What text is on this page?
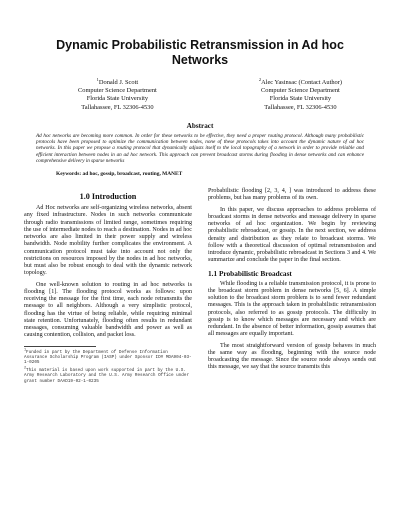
Dynamic Probabilistic Retransmission in Ad hoc Networks
$^1$Donald J. Scott
Computer Science Department
Florida State University
Tallahassee, FL 32306-4530
$^2$Alec Yasinsac (Contact Author)
Computer Science Department
Florida State University
Tallahassee, FL 32306-4530
Abstract
Ad hoc networks are becoming more common. In order for these networks to be effective, they need a proper routing protocol. Although many probabilistic protocols have been proposed to optimize the communication between nodes, none of these protocols takes into account the dynamic nature of ad hoc networks. In this paper we propose a routing protocol that dynamically adjusts itself to the local topography of a network in order to provide reliable and efficient interaction between nodes in an ad hoc network. This approach can prevent broadcast storms during flooding in dense networks and can enhance comprehensive delivery in sparse networks
Keywords: ad hoc, gossip, broadcast, routing, MANET
1.0 Introduction

Ad Hoc networks are self-organizing wireless networks, absent any fixed infrastructure. Nodes in such networks communicate through radio transmissions of limited range, sometimes requiring the use of intermediate nodes to reach a destination. Nodes in ad hoc networks are also limited in their power supply and wireless bandwidth. Node mobility further complicates the environment. A communication protocol must take into account not only the restrictions on resources imposed by the nodes in ad hoc networks, but must also be robust enough to deal with the dynamic network topology.

One well-known solution to routing in ad hoc networks is flooding [1]. The flooding protocol works as follows: upon receiving the message for the first time, each node retransmits the message to all neighbors. Although a very simplistic protocol, flooding has the virtue of being reliable, while requiring minimal state retention. Unfortunately, flooding often results in redundant messages, consuming valuable bandwidth and power as well as causing contention, collision, and packet loss.

$^1$Funded in part by the Department of Defense Information Assurance Scholarship Program (IASP) under Sponsor ID# MDA904-03-1-0205
$^2$This material is based upon work supported in part by the U.S. Army Research Laboratory and the U.S. Army Research Office under grant number DAAD19-02-1-0235

Probabilistic flooding [2, 3, 4, ] was introduced to address these problems, but has many problems of its own.

In this paper, we discuss approaches to address problems of broadcast storms in dense networks and message delivery in sparse networks of ad hoc organization. We begin by reviewing probabilistic rebroadcast, or gossip. In the next section, we address density and distribution as they relate to broadcast storms. We follow with a theoretical discussion of optimal retransmission and introduce dynamic, probabilistic rebroadcast in Sections 3 and 4. We summarize and conclude the paper in the final section.

1.1 Probabilistic Broadcast

While flooding is a reliable transmission protocol, it is prone to the broadcast storm problem in dense networks [5, 6]. A simple solution to the broadcast storm problem is to send fewer redundant messages. This is the approach taken in probabilistic retransmission protocols, also referred to as gossip protocols. The difficulty in gossip is to know which messages are necessary and which are redundant. In the absence of better information, gossip assumes that all messages are equally important.

The most straightforward version of gossip behaves in much the same way as flooding, beginning with the source node broadcasting the message. Since the source node always sends out this message, we say that the source transmits this
